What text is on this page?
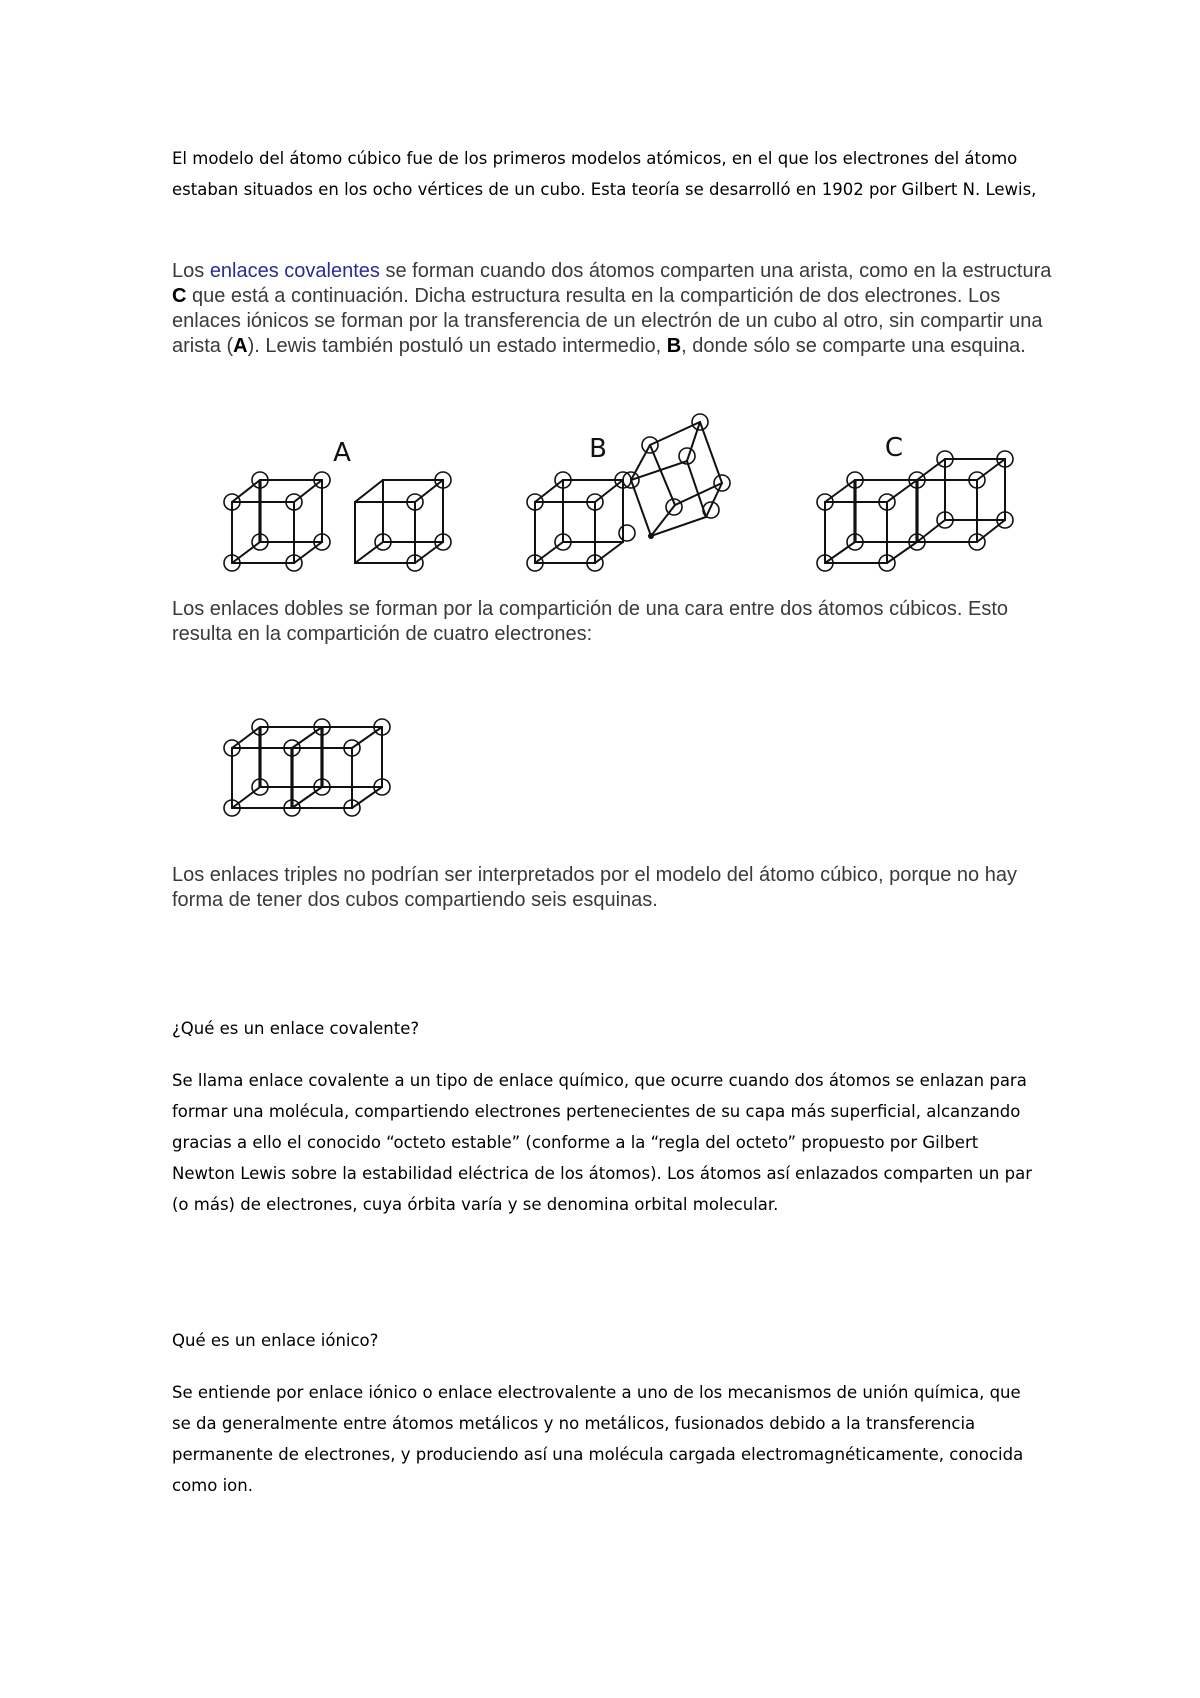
El modelo del átomo cúbico fue de los primeros modelos atómicos, en el que los electrones del átomo estaban situados en los ocho vértices de un cubo. Esta teoría se desarrolló en 1902 por Gilbert N. Lewis,

Los enlaces covalentes se forman cuando dos átomos comparten una arista, como en la estructura C que está a continuación. Dicha estructura resulta en la compartición de dos electrones. Los enlaces iónicos se forman por la transferencia de un electrón de un cubo al otro, sin compartir una arista (A). Lewis también postuló un estado intermedio, B, donde sólo se comparte una esquina.

A	B	C

Los enlaces dobles se forman por la compartición de una cara entre dos átomos cúbicos. Esto resulta en la compartición de cuatro electrones:

Los enlaces triples no podrían ser interpretados por el modelo del átomo cúbico, porque no hay forma de tener dos cubos compartiendo seis esquinas.

¿Qué es un enlace covalente?

Se llama enlace covalente a un tipo de enlace químico, que ocurre cuando dos átomos se enlazan para formar una molécula, compartiendo electrones pertenecientes de su capa más superficial, alcanzando gracias a ello el conocido “octeto estable” (conforme a la “regla del octeto” propuesto por Gilbert Newton Lewis sobre la estabilidad eléctrica de los átomos). Los átomos así enlazados comparten un par (o más) de electrones, cuya órbita varía y se denomina orbital molecular.

Qué es un enlace iónico?

Se entiende por enlace iónico o enlace electrovalente a uno de los mecanismos de unión química, que se da generalmente entre átomos metálicos y no metálicos, fusionados debido a la transferencia permanente de electrones, y produciendo así una molécula cargada electromagnéticamente, conocida como ion.
